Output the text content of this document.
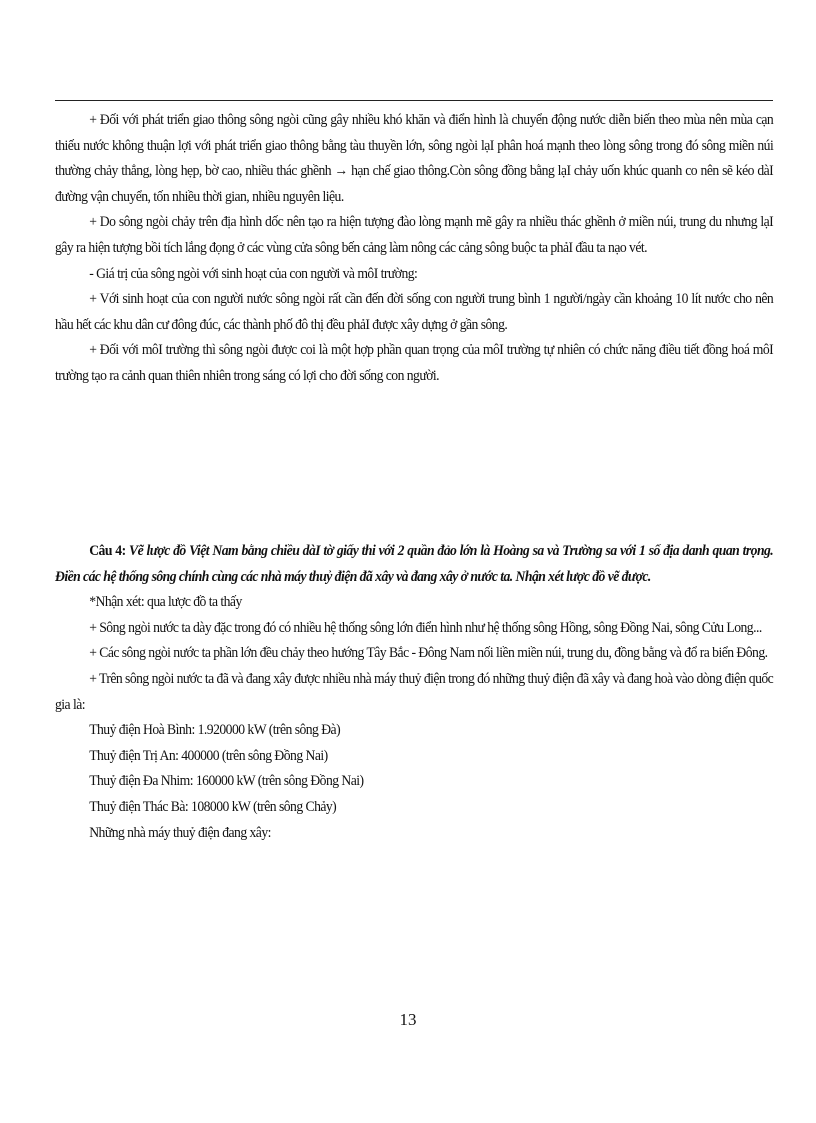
+ Đối với phát triển giao thông sông ngòi cũng gây nhiều khó khăn và điển hình là chuyển động nước diễn biến theo mùa nên mùa cạn thiếu nước không thuận lợi với phát triển giao thông bằng tàu thuyền lớn, sông ngòi lạI phân hoá mạnh theo lòng sông trong đó sông miền núi thường chảy thẳng, lòng hẹp, bờ cao, nhiều thác ghềnh → hạn chế giao thông.Còn sông đồng bằng lạI chảy uốn khúc quanh co nên sẽ kéo dàI đường vận chuyển, tốn nhiều thời gian, nhiều nguyên liệu.

+ Do sông ngòi chảy trên địa hình dốc nên tạo ra hiện tượng đào lòng mạnh mẽ gây ra nhiều thác ghềnh ở miền núi, trung du nhưng lạI gây ra hiện tượng bồi tích lắng đọng ở các vùng cửa sông bến cảng làm nông các cảng sông buộc ta phảI đầu ta nạo vét.

- Giá trị của sông ngòi với sinh hoạt của con người và môI trường:

+ Với sinh hoạt của con người nước sông ngòi rất cần đến đời sống con người trung bình 1 người/ngày cần khoảng 10 lít nước cho nên hầu hết các khu dân cư đông đúc, các thành phố đô thị đều phảI được xây dựng ở gần sông.

+ Đối với môI trường thì sông ngòi được coi là một hợp phần quan trọng của môI trường tự nhiên có chức năng điều tiết đồng hoá môI trường tạo ra cảnh quan thiên nhiên trong sáng có lợi cho đời sống con người.

Câu 4: Vẽ lược đồ Việt Nam bằng chiều dàI tờ giấy thi với 2 quần đảo lớn là Hoàng sa và Trường sa với 1 số địa danh quan trọng. Điền các hệ thống sông chính cùng các nhà máy thuỷ điện đã xây và đang xây ở nước ta. Nhận xét lược đồ vẽ được.

*Nhận xét: qua lược đồ ta thấy

+ Sông ngòi nước ta dày đặc trong đó có nhiều hệ thống sông lớn điển hình như hệ thống sông Hồng, sông Đồng Nai, sông Cửu Long...

+ Các sông ngòi nước ta phần lớn đều chảy theo hướng Tây Bắc - Đông Nam nối liền miền núi, trung du, đồng bằng và đổ ra biển Đông.

+ Trên sông ngòi nước ta đã và đang xây được nhiều nhà máy thuỷ điện trong đó những thuỷ điện đã xây và đang hoà vào dòng điện quốc gia là:

Thuỷ điện Hoà Bình: 1.920000 kW (trên sông Đà)

Thuỷ điện Trị An: 400000 (trên sông Đồng Nai)

Thuỷ điện Đa Nhim: 160000 kW (trên sông Đồng Nai)

Thuỷ điện Thác Bà: 108000 kW (trên sông Chảy)

Những nhà máy thuỷ điện đang xây:

13
